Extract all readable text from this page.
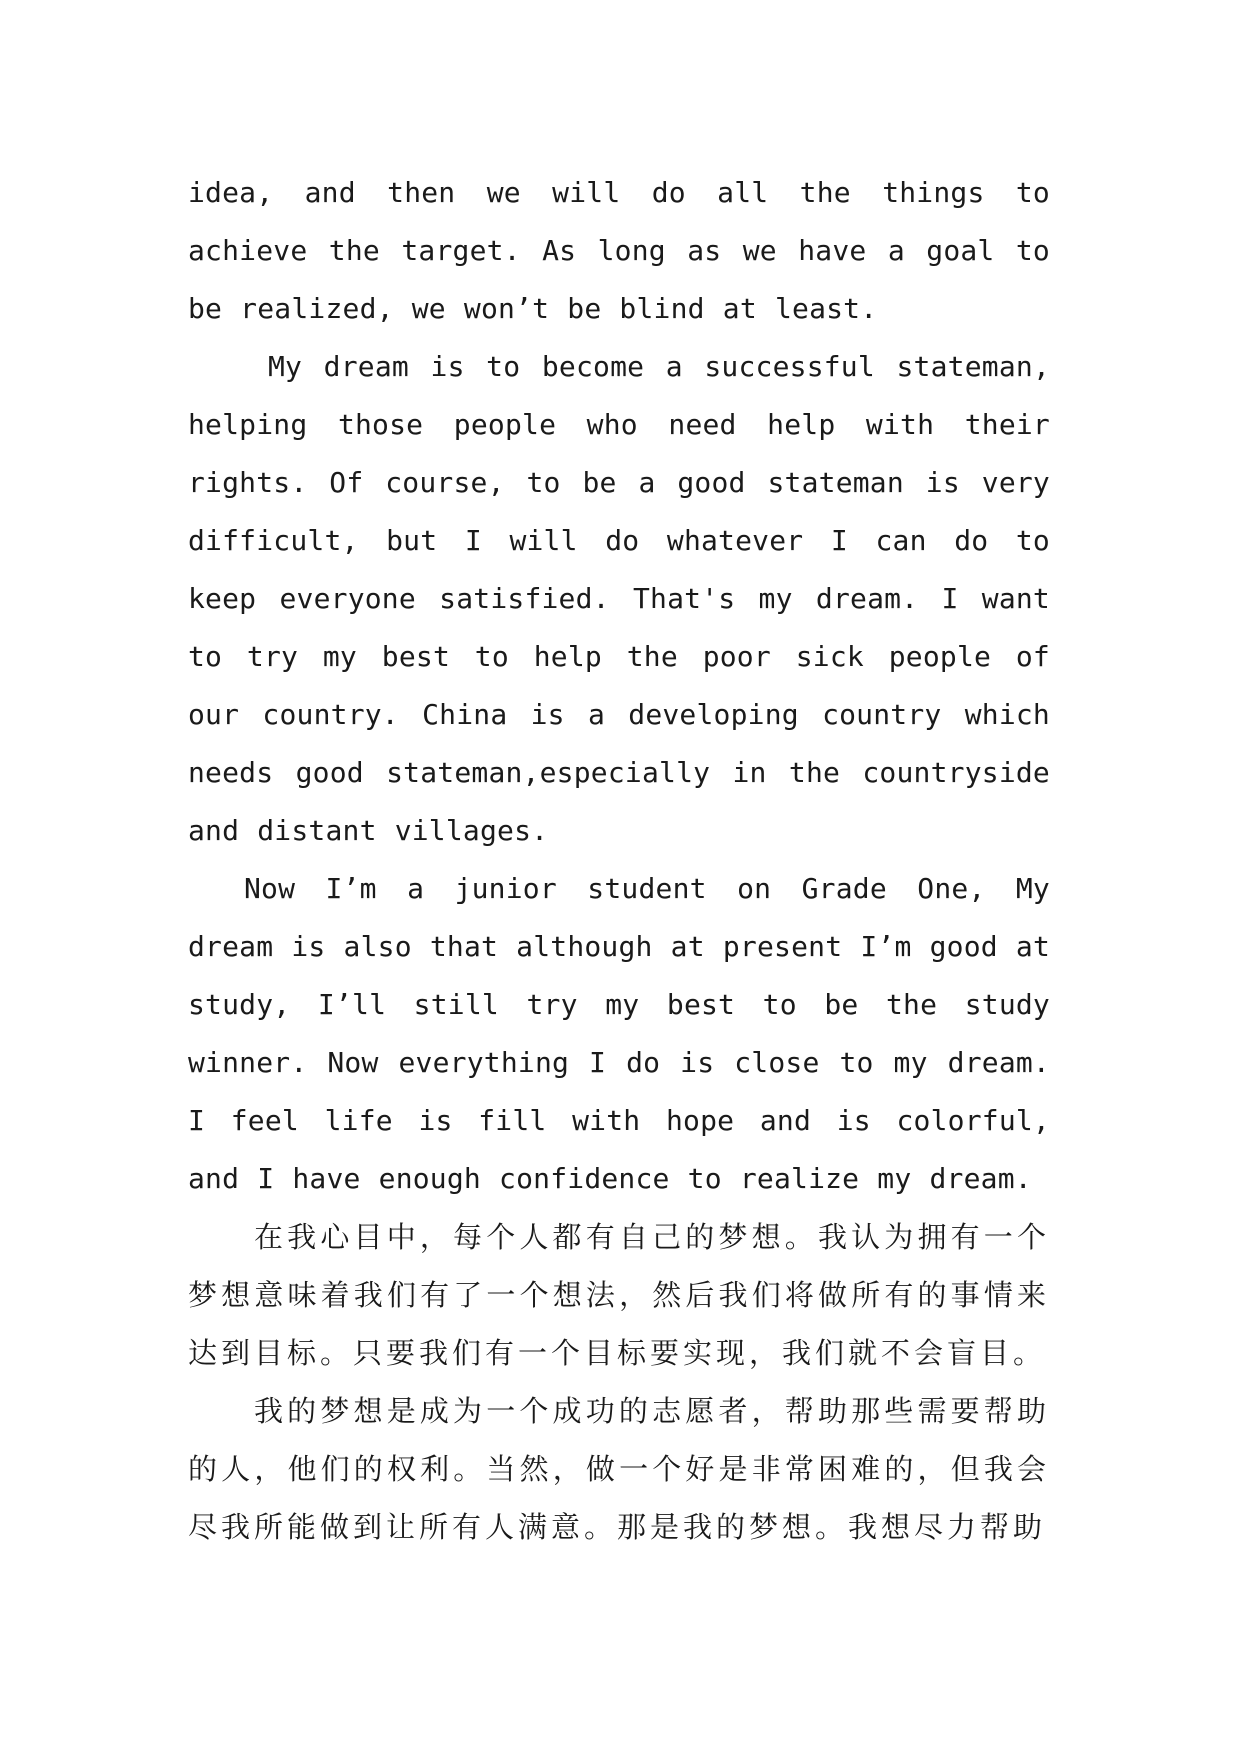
idea, and then we will do all the things to achieve the target. As long as we have a goal to be realized, we won’t be blind at least.

My dream is to become a successful stateman, helping those people who need help with their rights. Of course, to be a good stateman is very difficult, but I will do whatever I can do to keep everyone satisfied. That's my dream. I want to try my best to help the poor sick people of our country. China is a developing country which needs good stateman,especially in the countryside and distant villages.

Now I’m a junior student on Grade One, My dream is also that although at present I’m good at study, I’ll still try my best to be the study winner. Now everything I do is close to my dream. I feel life is fill with hope and is colorful, and I have enough confidence to realize my dream.

在我心目中，每个人都有自己的梦想。我认为拥有一个梦想意味着我们有了一个想法，然后我们将做所有的事情来达到目标。只要我们有一个目标要实现，我们就不会盲目。

我的梦想是成为一个成功的志愿者，帮助那些需要帮助的人，他们的权利。当然，做一个好是非常困难的，但我会尽我所能做到让所有人满意。那是我的梦想。我想尽力帮助
